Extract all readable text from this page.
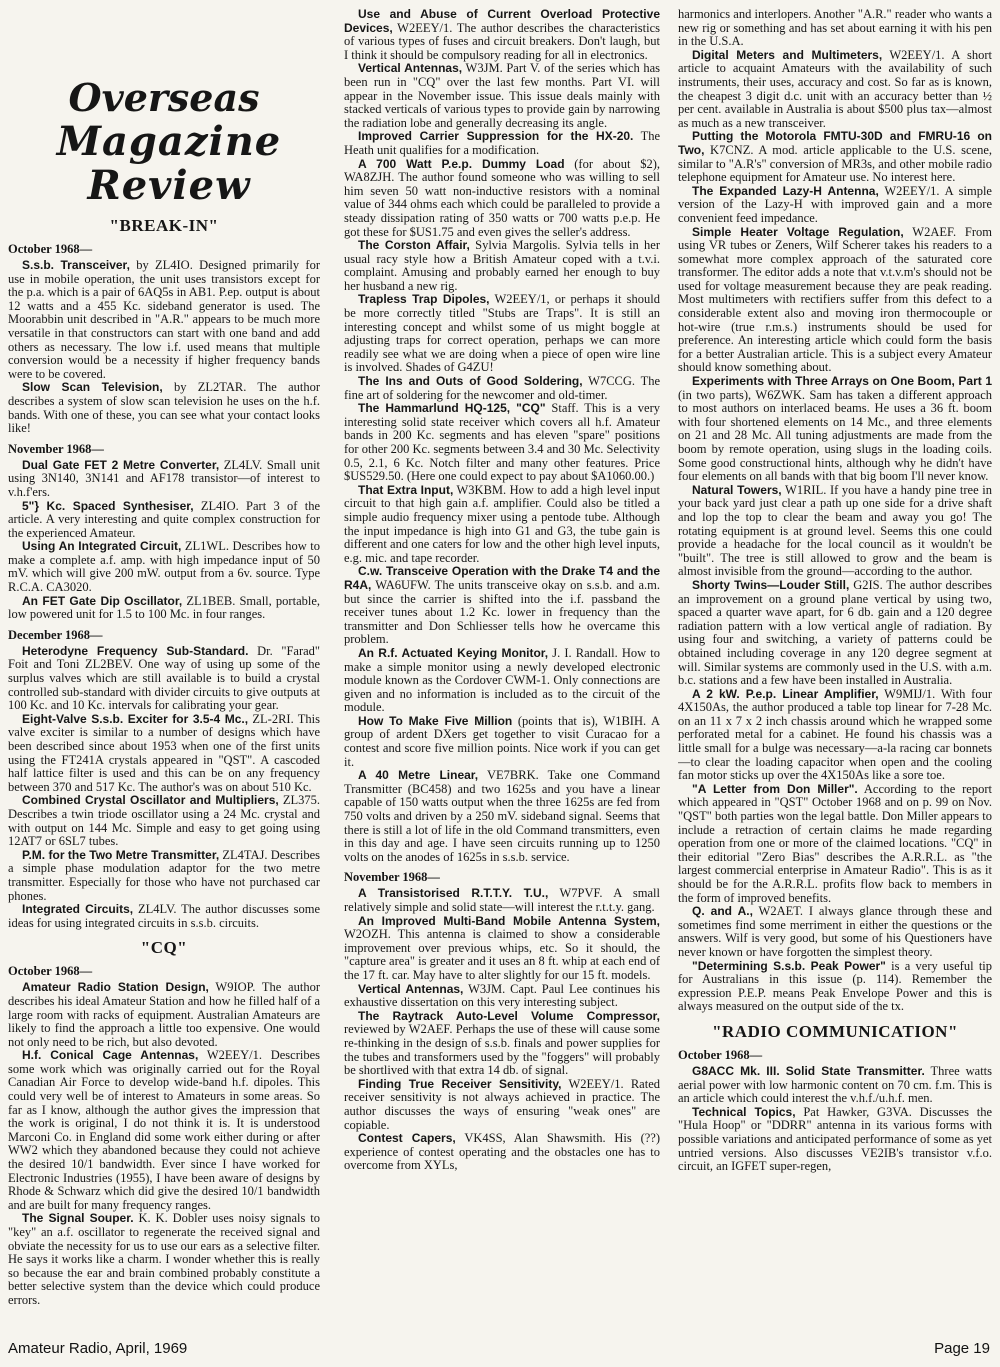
Overseas
Magazine Review
"BREAK-IN"
October 1968—

S.s.b. Transceiver, by ZL4IO. Designed primarily for use in mobile operation, the unit uses transistors except for the p.a. which is a pair of 6AQ5s in AB1. P.ep. output is about 12 watts and a 455 Kc. sideband generator is used. The Moorabbin unit described in "A.R." appears to be much more versatile in that constructors can start with one band and add others as necessary. The low i.f. used means that multiple conversion would be a necessity if higher frequency bands were to be covered.

Slow Scan Television, by ZL2TAR. The author describes a system of slow scan television he uses on the h.f. bands. With one of these, you can see what your contact looks like!

November 1968—

Dual Gate FET 2 Metre Converter, ZL4LV. Small unit using 3N140, 3N141 and AF178 transistor—of interest to v.h.f'ers.

5"} Kc. Spaced Synthesiser, ZL4IO. Part 3 of the article. A very interesting and quite complex construction for the experienced Amateur.

Using An Integrated Circuit, ZL1WL. Describes how to make a complete a.f. amp. with high impedance input of 50 mV. which will give 200 mW. output from a 6v. source. Type R.C.A. CA3020.

An FET Gate Dip Oscillator, ZL1BEB. Small, portable, low powered unit for 1.5 to 100 Mc. in four ranges.

December 1968—

Heterodyne Frequency Sub-Standard. Dr. "Farad" Foit and Toni ZL2BEV. One way of using up some of the surplus valves which are still available is to build a crystal controlled sub-standard with divider circuits to give outputs at 100 Kc. and 10 Kc. intervals for calibrating your gear.

Eight-Valve S.s.b. Exciter for 3.5-4 Mc., ZL-2RI. This valve exciter is similar to a number of designs which have been described since about 1953 when one of the first units using the FT241A crystals appeared in "QST". A cascoded half lattice filter is used and this can be on any frequency between 370 and 517 Kc. The author's was on about 510 Kc.

Combined Crystal Oscillator and Multipliers, ZL375. Describes a twin triode oscillator using a 24 Mc. crystal and with output on 144 Mc. Simple and easy to get going using 12AT7 or 6SL7 tubes.

P.M. for the Two Metre Transmitter, ZL4TAJ. Describes a simple phase modulation adaptor for the two metre transmitter. Especially for those who have not purchased car phones.

Integrated Circuits, ZL4LV. The author discusses some ideas for using integrated circuits in s.s.b. circuits.

"CQ"
October 1968—

Amateur Radio Station Design, W9IOP. The author describes his ideal Amateur Station and how he filled half of a large room with racks of equipment. Australian Amateurs are likely to find the approach a little too expensive. One would not only need to be rich, but also devoted.

H.f. Conical Cage Antennas, W2EEY/1. Describes some work which was originally carried out for the Royal Canadian Air Force to develop wide-band h.f. dipoles. This could very well be of interest to Amateurs in some areas. So far as I know, although the author gives the impression that the work is original, I do not think it is. It is understood Marconi Co. in England did some work either during or after WW2 which they abandoned because they could not achieve the desired 10/1 bandwidth. Ever since I have worked for Electronic Industries (1955), I have been aware of designs by Rhode & Schwarz which did give the desired 10/1 bandwidth and are built for many frequency ranges.

The Signal Souper. K. K. Dobler uses noisy signals to "key" an a.f. oscillator to regenerate the received signal and obviate the necessity for us to use our ears as a selective filter. He says it works like a charm. I wonder whether this is really so because the ear and brain combined probably constitute a better selective system than the device which could produce errors.

Use and Abuse of Current Overload Protective Devices, W2EEY/1. The author describes the characteristics of various types of fuses and circuit breakers. Don't laugh, but I think it should be compulsory reading for all in electronics.

Vertical Antennas, W3JM. Part V. of the series which has been run in "CQ" over the last few months. Part VI. will appear in the November issue. This issue deals mainly with stacked verticals of various types to provide gain by narrowing the radiation lobe and generally decreasing its angle.

Improved Carrier Suppression for the HX-20. The Heath unit qualifies for a modification.

A 700 Watt P.e.p. Dummy Load (for about $2), WA8ZJH. The author found someone who was willing to sell him seven 50 watt non-inductive resistors with a nominal value of 344 ohms each which could be paralleled to provide a steady dissipation rating of 350 watts or 700 watts p.e.p. He got these for $US1.75 and even gives the seller's address.

The Corston Affair, Sylvia Margolis. Sylvia tells in her usual racy style how a British Amateur coped with a t.v.i. complaint. Amusing and probably earned her enough to buy her husband a new rig.

Trapless Trap Dipoles, W2EEY/1, or perhaps it should be more correctly titled "Stubs are Traps". It is still an interesting concept and whilst some of us might boggle at adjusting traps for correct operation, perhaps we can more readily see what we are doing when a piece of open wire line is involved. Shades of G4ZU!

The Ins and Outs of Good Soldering, W7CCG. The fine art of soldering for the newcomer and old-timer.

The Hammarlund HQ-125, "CQ" Staff. This is a very interesting solid state receiver which covers all h.f. Amateur bands in 200 Kc. segments and has eleven "spare" positions for other 200 Kc. segments between 3.4 and 30 Mc. Selectivity 0.5, 2.1, 6 Kc. Notch filter and many other features. Price $US529.50. (Here one could expect to pay about $A1060.00.)

That Extra Input, W3KBM. How to add a high level input circuit to that high gain a.f. amplifier. Could also be titled a simple audio frequency mixer using a pentode tube. Although the input impedance is high into G1 and G3, the tube gain is different and one caters for low and the other high level inputs, e.g. mic. and tape recorder.

C.w. Transceive Operation with the Drake T4 and the R4A, WA6UFW. The units transceive okay on s.s.b. and a.m. but since the carrier is shifted into the i.f. passband the receiver tunes about 1.2 Kc. lower in frequency than the transmitter and Don Schliesser tells how he overcame this problem.

An R.f. Actuated Keying Monitor, J. I. Randall. How to make a simple monitor using a newly developed electronic module known as the Cordover CWM-1. Only connections are given and no information is included as to the circuit of the module.

How To Make Five Million (points that is), W1BIH. A group of ardent DXers get together to visit Curacao for a contest and score five million points. Nice work if you can get it.

A 40 Metre Linear, VE7BRK. Take one Command Transmitter (BC458) and two 1625s and you have a linear capable of 150 watts output when the three 1625s are fed from 750 volts and driven by a 250 mV. sideband signal. Seems that there is still a lot of life in the old Command transmitters, even in this day and age. I have seen circuits running up to 1250 volts on the anodes of 1625s in s.s.b. service.

November 1968—

A Transistorised R.T.T.Y. T.U., W7PVF. A small relatively simple and solid state—will interest the r.t.t.y. gang.

An Improved Multi-Band Mobile Antenna System, W2OZH. This antenna is claimed to show a considerable improvement over previous whips, etc. So it should, the "capture area" is greater and it uses an 8 ft. whip at each end of the 17 ft. car. May have to alter slightly for our 15 ft. models.

Vertical Antennas, W3JM. Capt. Paul Lee continues his exhaustive dissertation on this very interesting subject.

The Raytrack Auto-Level Volume Compressor, reviewed by W2AEF. Perhaps the use of these will cause some re-thinking in the design of s.s.b. finals and power supplies for the tubes and transformers used by the "foggers" will probably be shortlived with that extra 14 db. of signal.

Finding True Receiver Sensitivity, W2EEY/1. Rated receiver sensitivity is not always achieved in practice. The author discusses the ways of ensuring "weak ones" are copiable.

Contest Capers, VK4SS, Alan Shawsmith. His (??) experience of contest operating and the obstacles one has to overcome from XYLs,

harmonics and interlopers. Another "A.R." reader who wants a new rig or something and has set about earning it with his pen in the U.S.A.

Digital Meters and Multimeters, W2EEY/1. A short article to acquaint Amateurs with the availability of such instruments, their uses, accuracy and cost. So far as is known, the cheapest 3 digit d.c. unit with an accuracy better than ½ per cent. available in Australia is about $500 plus tax—almost as much as a new transceiver.

Putting the Motorola FMTU-30D and FMRU-16 on Two, K7CNZ. A mod. article applicable to the U.S. scene, similar to "A.R's" conversion of MR3s, and other mobile radio telephone equipment for Amateur use. No interest here.

The Expanded Lazy-H Antenna, W2EEY/1. A simple version of the Lazy-H with improved gain and a more convenient feed impedance.

Simple Heater Voltage Regulation, W2AEF. From using VR tubes or Zeners, Wilf Scherer takes his readers to a somewhat more complex approach of the saturated core transformer. The editor adds a note that v.t.v.m's should not be used for voltage measurement because they are peak reading. Most multimeters with rectifiers suffer from this defect to a considerable extent also and moving iron thermocouple or hot-wire (true r.m.s.) instruments should be used for preference. An interesting article which could form the basis for a better Australian article. This is a subject every Amateur should know something about.

Experiments with Three Arrays on One Boom, Part 1 (in two parts), W6ZWK. Sam has taken a different approach to most authors on interlaced beams. He uses a 36 ft. boom with four shortened elements on 14 Mc., and three elements on 21 and 28 Mc. All tuning adjustments are made from the boom by remote operation, using slugs in the loading coils. Some good constructional hints, although why he didn't have four elements on all bands with that big boom I'll never know.

Natural Towers, W1RIL. If you have a handy pine tree in your back yard just clear a path up one side for a drive shaft and lop the top to clear the beam and away you go! The rotating equipment is at ground level. Seems this one could provide a headache for the local council as it wouldn't be "built". The tree is still allowed to grow and the beam is almost invisible from the ground—according to the author.

Shorty Twins—Louder Still, G2IS. The author describes an improvement on a ground plane vertical by using two, spaced a quarter wave apart, for 6 db. gain and a 120 degree radiation pattern with a low vertical angle of radiation. By using four and switching, a variety of patterns could be obtained including coverage in any 120 degree segment at will. Similar systems are commonly used in the U.S. with a.m. b.c. stations and a few have been installed in Australia.

A 2 kW. P.e.p. Linear Amplifier, W9MIJ/1. With four 4X150As, the author produced a table top linear for 7-28 Mc. on an 11 x 7 x 2 inch chassis around which he wrapped some perforated metal for a cabinet. He found his chassis was a little small for a bulge was necessary—a-la racing car bonnets—to clear the loading capacitor when open and the cooling fan motor sticks up over the 4X150As like a sore toe.

"A Letter from Don Miller". According to the report which appeared in "QST" October 1968 and on p. 99 on Nov. "QST" both parties won the legal battle. Don Miller appears to include a retraction of certain claims he made regarding operation from one or more of the claimed locations. "CQ" in their editorial "Zero Bias" describes the A.R.R.L. as "the largest commercial enterprise in Amateur Radio". This is as it should be for the A.R.R.L. profits flow back to members in the form of improved benefits.

Q. and A., W2AET. I always glance through these and sometimes find some merriment in either the questions or the answers. Wilf is very good, but some of his Questioners have never known or have forgotten the simplest theory.

"Determining S.s.b. Peak Power" is a very useful tip for Australians in this issue (p. 114). Remember the expression P.E.P. means Peak Envelope Power and this is always measured on the output side of the tx.

"RADIO COMMUNICATION"
October 1968—

G8ACC Mk. III. Solid State Transmitter. Three watts aerial power with low harmonic content on 70 cm. f.m. This is an article which could interest the v.h.f./u.h.f. men.

Technical Topics, Pat Hawker, G3VA. Discusses the "Hula Hoop" or "DDRR" antenna in its various forms with possible variations and anticipated performance of some as yet untried versions. Also discusses VE2IB's transistor v.f.o. circuit, an IGFET super-regen,

Amateur Radio, April, 1969	Page 19
